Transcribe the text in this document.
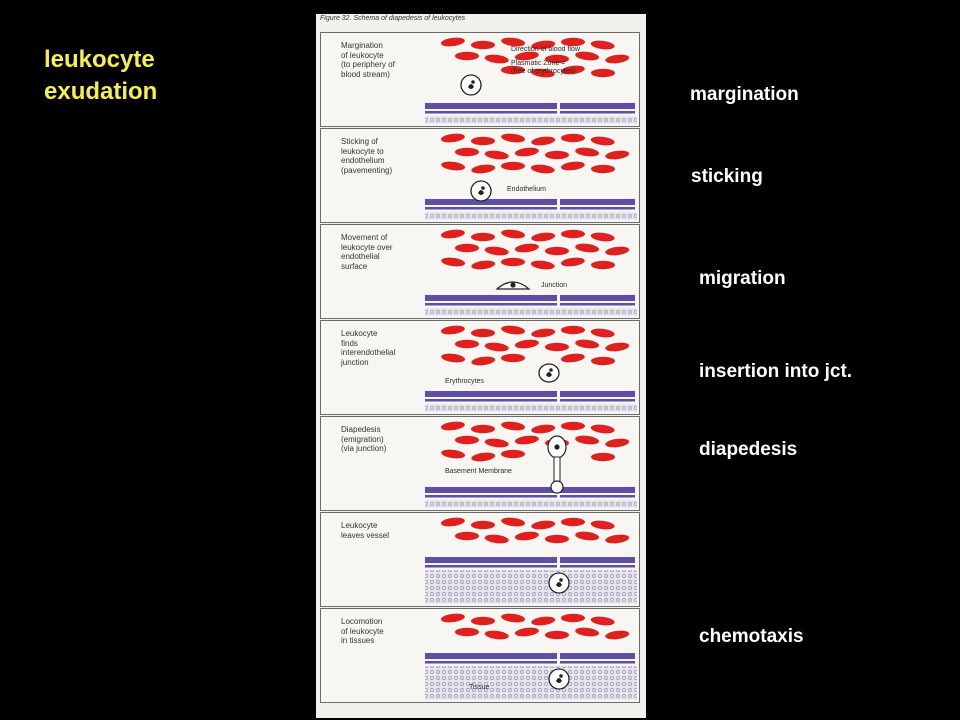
leukocyte
exudation	margination
sticking
migration
insertion into jct.
diapedesis
chemotaxis
Figure 32. Schema of diapedesis of leukocytes
Direction of blood flow
Plasmatic Zone =
(free of erythrocytes)
Margination
of leukocyte
(to periphery of
blood stream)
Endothelium
Sticking of
leukocyte to
endothelium
(pavementing)
Junction
Movement of
leukocyte over
endothelial
surface
Erythrocytes
Leukocyte
finds
interendothelial
junction
Basement Membrane
Diapedesis
(emigration)
(via junction)
Leukocyte
leaves vessel
Tissue
Locomotion
of leukocyte
in tissues
